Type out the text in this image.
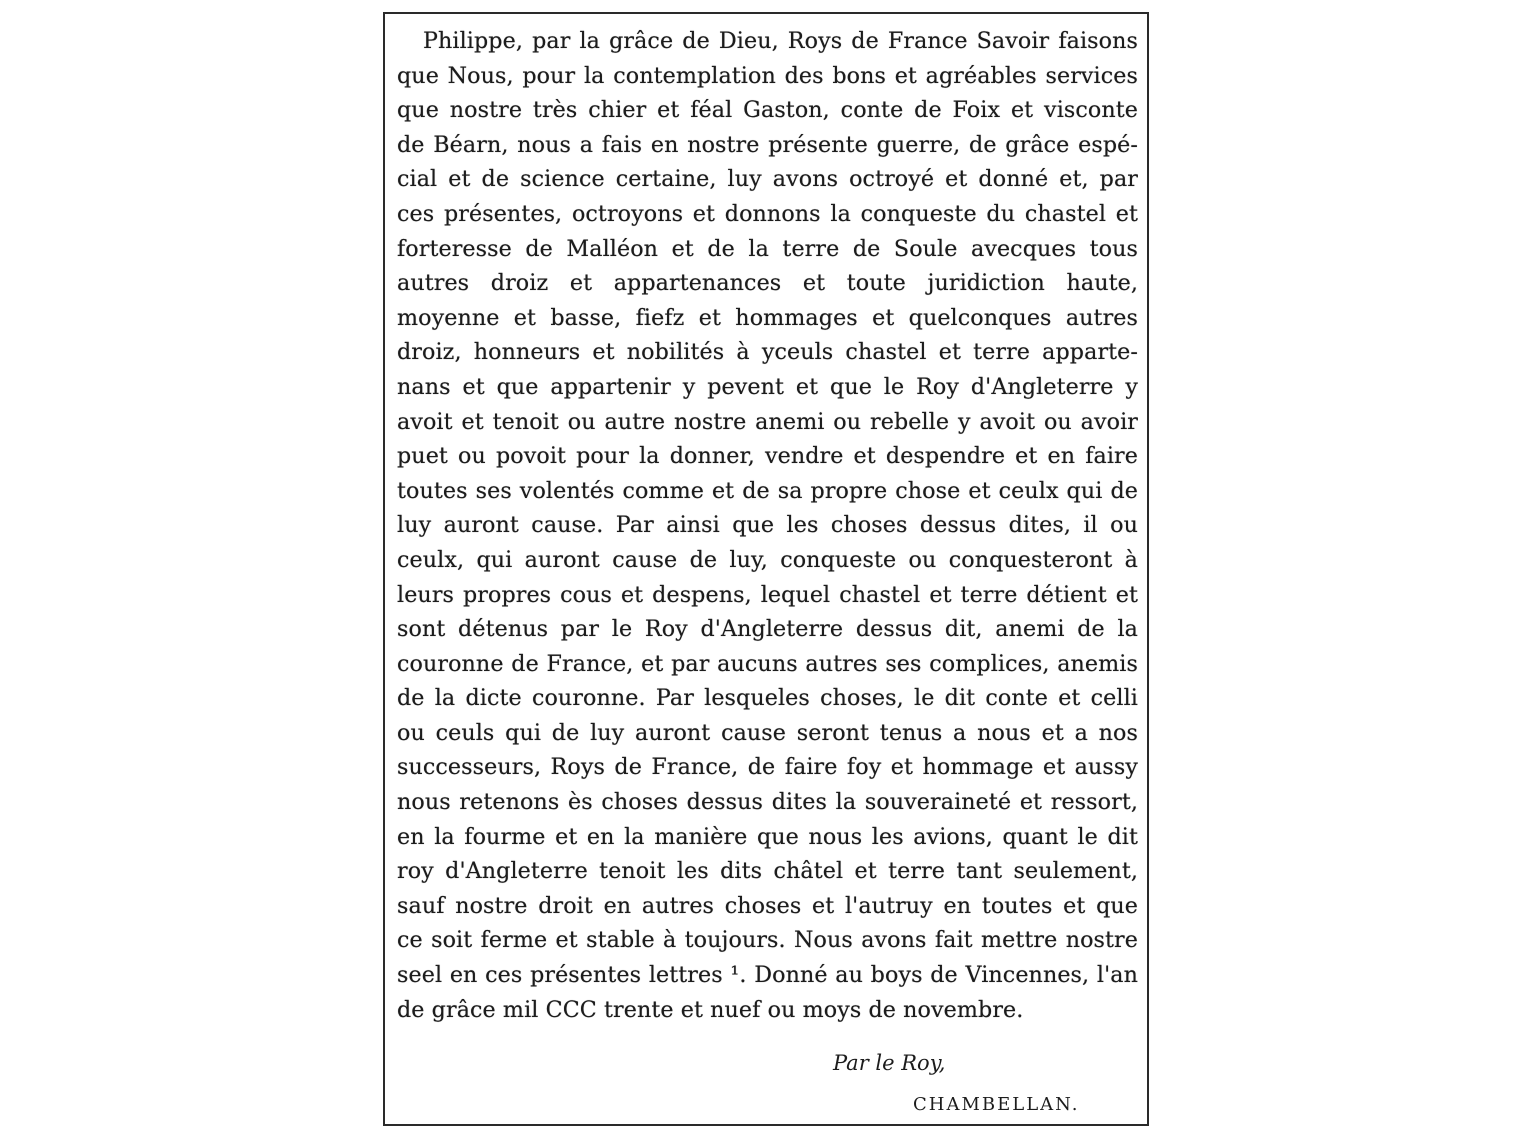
Philippe, par la grâce de Dieu, Roys de France Savoir faisons
que Nous, pour la contemplation des bons et agréables services
que nostre très chier et féal Gaston, conte de Foix et visconte
de Béarn, nous a fais en nostre présente guerre, de grâce espé-
cial et de science certaine, luy avons octroyé et donné et, par
ces présentes, octroyons et donnons la conqueste du chastel et
forteresse de Malléon et de la terre de Soule avecques tous
autres droiz et appartenances et toute juridiction haute,
moyenne et basse, fiefz et hommages et quelconques autres
droiz, honneurs et nobilités à yceuls chastel et terre apparte-
nans et que appartenir y pevent et que le Roy d'Angleterre y
avoit et tenoit ou autre nostre anemi ou rebelle y avoit ou avoir
puet ou povoit pour la donner, vendre et despendre et en faire
toutes ses volentés comme et de sa propre chose et ceulx qui de
luy auront cause. Par ainsi que les choses dessus dites, il ou
ceulx, qui auront cause de luy, conqueste ou conquesteront à
leurs propres cous et despens, lequel chastel et terre détient et
sont détenus par le Roy d'Angleterre dessus dit, anemi de la
couronne de France, et par aucuns autres ses complices, anemis
de la dicte couronne. Par lesqueles choses, le dit conte et celli
ou ceuls qui de luy auront cause seront tenus a nous et a nos
successeurs, Roys de France, de faire foy et hommage et aussy
nous retenons ès choses dessus dites la souveraineté et ressort,
en la fourme et en la manière que nous les avions, quant le dit
roy d'Angleterre tenoit les dits châtel et terre tant seulement,
sauf nostre droit en autres choses et l'autruy en toutes et que
ce soit ferme et stable à toujours. Nous avons fait mettre nostre
seel en ces présentes lettres ¹. Donné au boys de Vincennes, l'an
de grâce mil CCC trente et nuef ou moys de novembre.

Par le Roy,

CHAMBELLAN.
